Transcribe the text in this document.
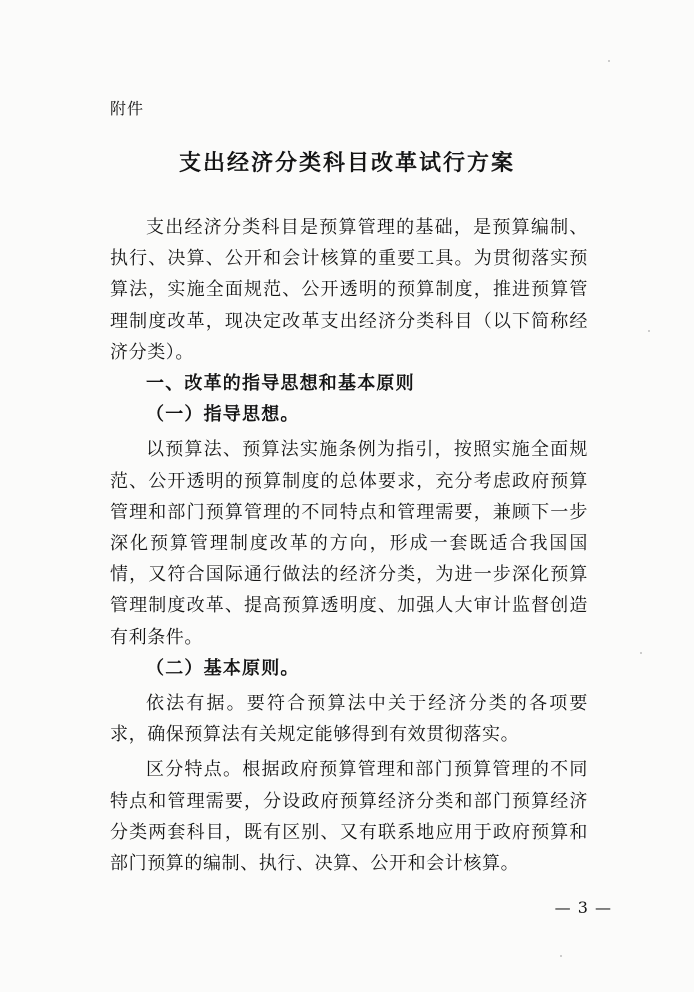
附件
支出经济分类科目改革试行方案

支出经济分类科目是预算管理的基础，是预算编制、执行、决算、公开和会计核算的重要工具。为贯彻落实预算法，实施全面规范、公开透明的预算制度，推进预算管理制度改革，现决定改革支出经济分类科目（以下简称经济分类）。

一、改革的指导思想和基本原则

（一）指导思想。

以预算法、预算法实施条例为指引，按照实施全面规范、公开透明的预算制度的总体要求，充分考虑政府预算管理和部门预算管理的不同特点和管理需要，兼顾下一步深化预算管理制度改革的方向，形成一套既适合我国国情，又符合国际通行做法的经济分类，为进一步深化预算管理制度改革、提高预算透明度、加强人大审计监督创造有利条件。

（二）基本原则。

依法有据。要符合预算法中关于经济分类的各项要求，确保预算法有关规定能够得到有效贯彻落实。

区分特点。根据政府预算管理和部门预算管理的不同特点和管理需要，分设政府预算经济分类和部门预算经济分类两套科目，既有区别、又有联系地应用于政府预算和部门预算的编制、执行、决算、公开和会计核算。

— 3 —
